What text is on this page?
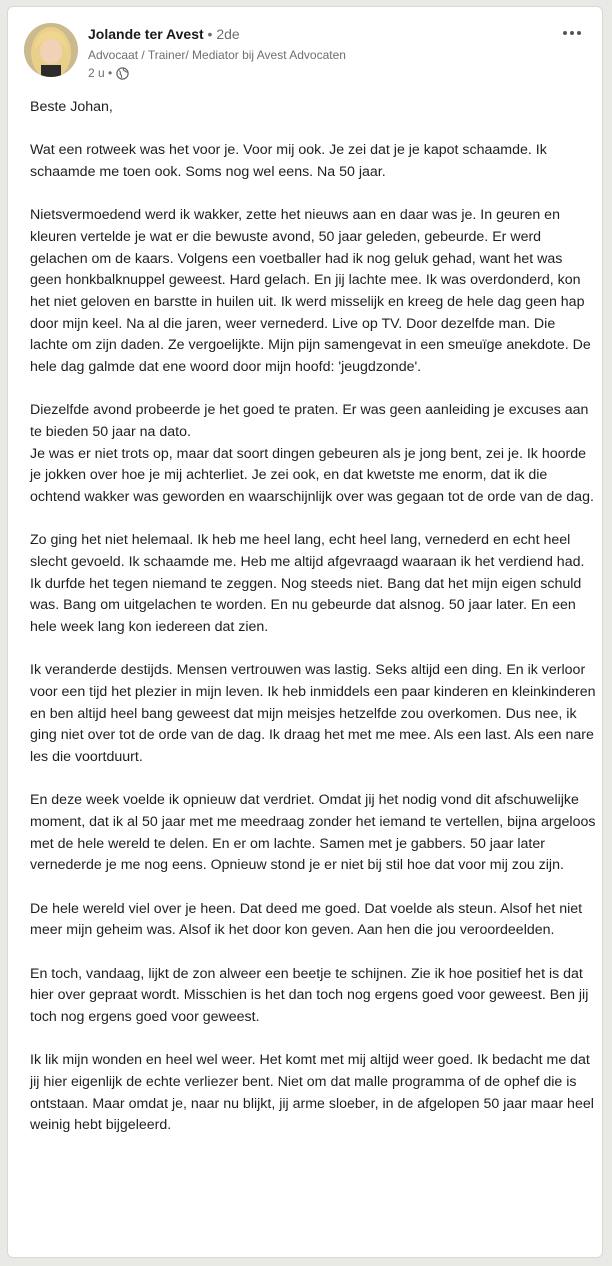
Jolande ter Avest • 2de
Advocaat / Trainer/ Mediator bij Avest Advocaten
2 u •

Beste Johan,

Wat een rotweek was het voor je. Voor mij ook. Je zei dat je je kapot schaamde. Ik schaamde me toen ook. Soms nog wel eens. Na 50 jaar.

Nietsvermoedend werd ik wakker, zette het nieuws aan en daar was je. In geuren en kleuren vertelde je wat er die bewuste avond, 50 jaar geleden, gebeurde. Er werd gelachen om de kaars. Volgens een voetballer had ik nog geluk gehad, want het was geen honkbalknuppel geweest. Hard gelach. En jij lachte mee. Ik was overdonderd, kon het niet geloven en barstte in huilen uit. Ik werd misselijk en kreeg de hele dag geen hap door mijn keel. Na al die jaren, weer vernederd. Live op TV. Door dezelfde man. Die lachte om zijn daden. Ze vergoelijkte. Mijn pijn samengevat in een smeuïge anekdote. De hele dag galmde dat ene woord door mijn hoofd: 'jeugdzonde'.

Diezelfde avond probeerde je het goed te praten. Er was geen aanleiding je excuses aan te bieden 50 jaar na dato.
Je was er niet trots op, maar dat soort dingen gebeuren als je jong bent, zei je. Ik hoorde je jokken over hoe je mij achterliet. Je zei ook, en dat kwetste me enorm, dat ik die ochtend wakker was geworden en waarschijnlijk over was gegaan tot de orde van de dag.

Zo ging het niet helemaal. Ik heb me heel lang, echt heel lang, vernederd en echt heel slecht gevoeld. Ik schaamde me. Heb me altijd afgevraagd waaraan ik het verdiend had. Ik durfde het tegen niemand te zeggen. Nog steeds niet. Bang dat het mijn eigen schuld was. Bang om uitgelachen te worden. En nu gebeurde dat alsnog. 50 jaar later. En een hele week lang kon iedereen dat zien.

Ik veranderde destijds. Mensen vertrouwen was lastig. Seks altijd een ding. En ik verloor voor een tijd het plezier in mijn leven. Ik heb inmiddels een paar kinderen en kleinkinderen en ben altijd heel bang geweest dat mijn meisjes hetzelfde zou overkomen. Dus nee, ik ging niet over tot de orde van de dag. Ik draag het met me mee. Als een last. Als een nare les die voortduurt.

En deze week voelde ik opnieuw dat verdriet. Omdat jij het nodig vond dit afschuwelijke moment, dat ik al 50 jaar met me meedraag zonder het iemand te vertellen, bijna argeloos met de hele wereld te delen. En er om lachte. Samen met je gabbers. 50 jaar later vernederde je me nog eens. Opnieuw stond je er niet bij stil hoe dat voor mij zou zijn.

De hele wereld viel over je heen. Dat deed me goed. Dat voelde als steun. Alsof het niet meer mijn geheim was. Alsof ik het door kon geven. Aan hen die jou veroordeelden.

En toch, vandaag, lijkt de zon alweer een beetje te schijnen. Zie ik hoe positief het is dat hier over gepraat wordt. Misschien is het dan toch nog ergens goed voor geweest. Ben jij toch nog ergens goed voor geweest.

Ik lik mijn wonden en heel wel weer. Het komt met mij altijd weer goed. Ik bedacht me dat jij hier eigenlijk de echte verliezer bent. Niet om dat malle programma of de ophef die is ontstaan. Maar omdat je, naar nu blijkt, jij arme sloeber, in de afgelopen 50 jaar maar heel weinig hebt bijgeleerd.
